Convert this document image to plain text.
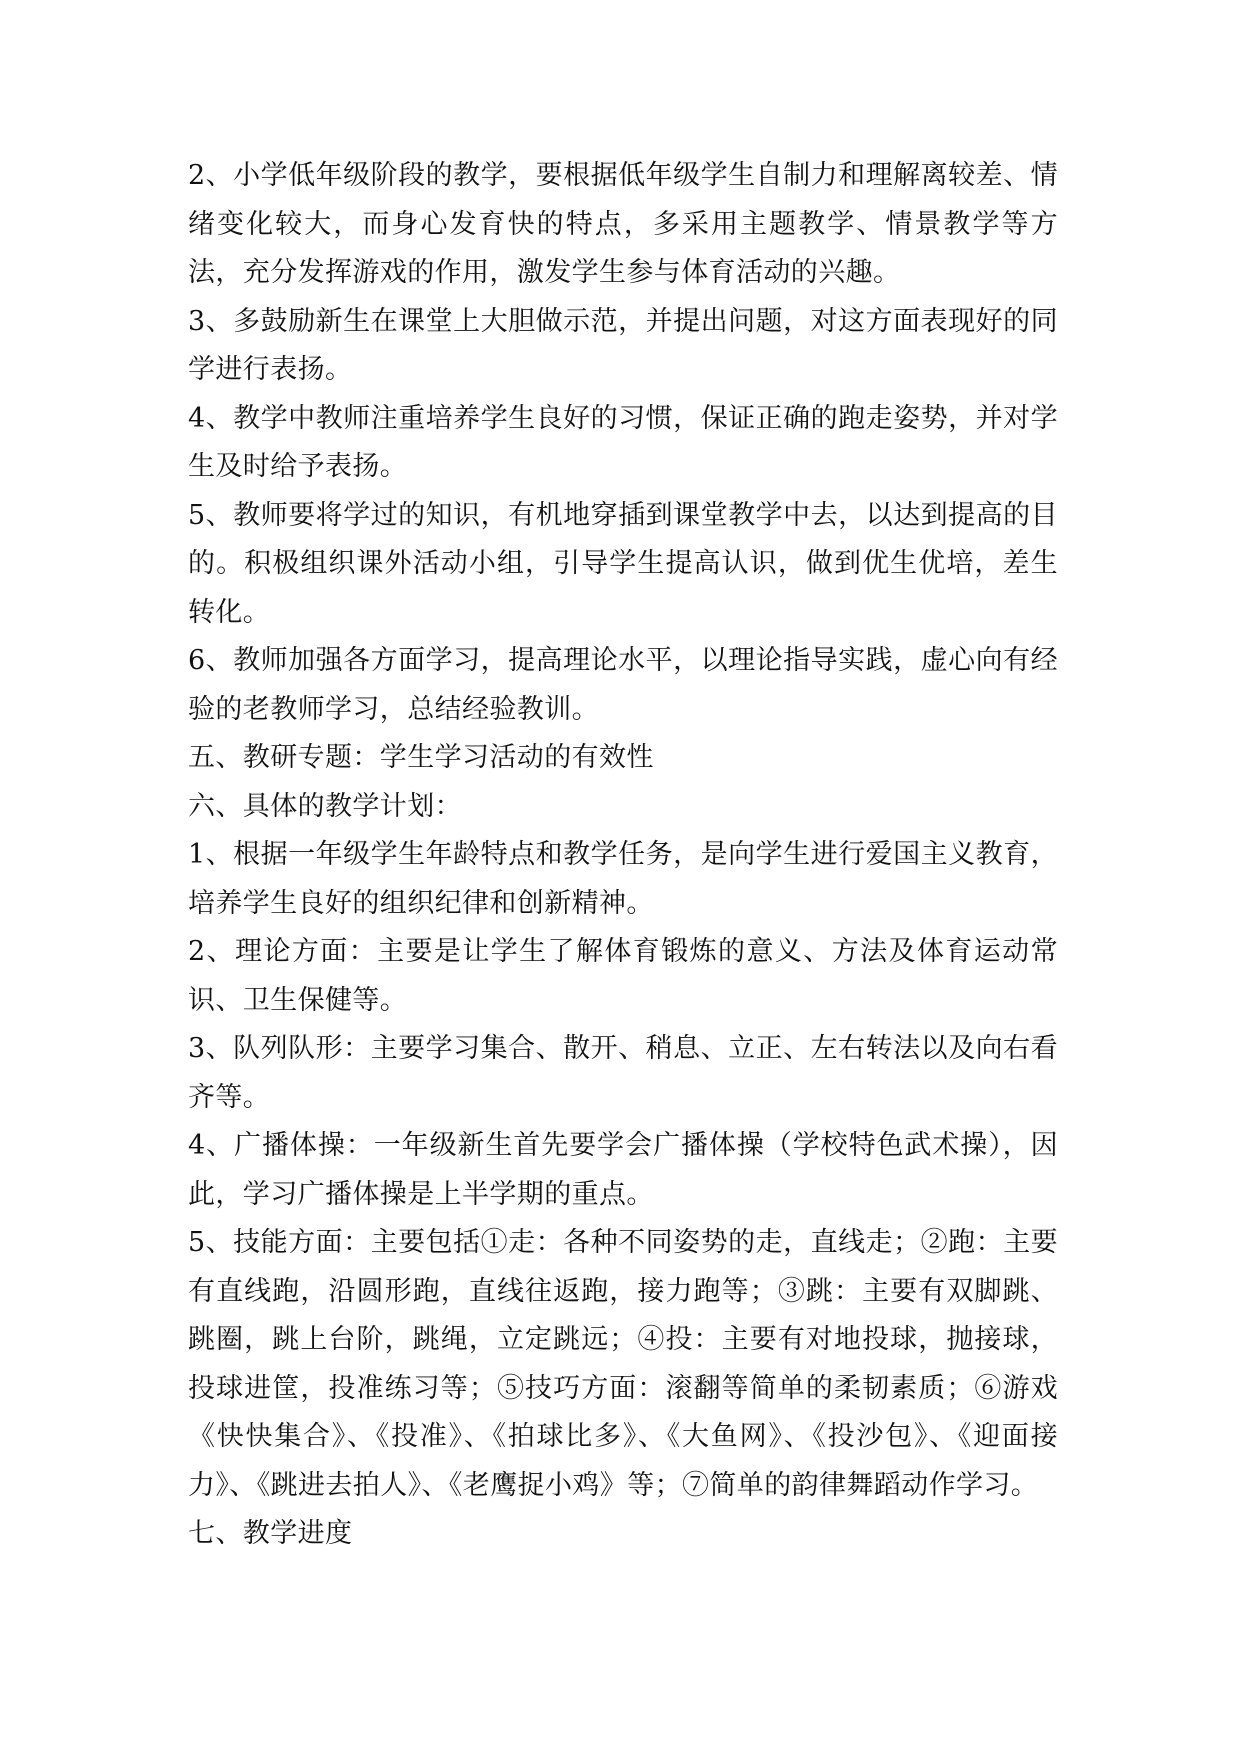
2、小学低年级阶段的教学，要根据低年级学生自制力和理解离较差、情绪变化较大，而身心发育快的特点，多采用主题教学、情景教学等方法，充分发挥游戏的作用，激发学生参与体育活动的兴趣。

3、多鼓励新生在课堂上大胆做示范，并提出问题，对这方面表现好的同学进行表扬。

4、教学中教师注重培养学生良好的习惯，保证正确的跑走姿势，并对学生及时给予表扬。

5、教师要将学过的知识，有机地穿插到课堂教学中去，以达到提高的目的。积极组织课外活动小组，引导学生提高认识，做到优生优培，差生转化。

6、教师加强各方面学习，提高理论水平，以理论指导实践，虚心向有经验的老教师学习，总结经验教训。

五、教研专题：学生学习活动的有效性

六、具体的教学计划：

1、根据一年级学生年龄特点和教学任务，是向学生进行爱国主义教育，培养学生良好的组织纪律和创新精神。

2、理论方面：主要是让学生了解体育锻炼的意义、方法及体育运动常识、卫生保健等。

3、队列队形：主要学习集合、散开、稍息、立正、左右转法以及向右看齐等。

4、广播体操：一年级新生首先要学会广播体操（学校特色武术操），因此，学习广播体操是上半学期的重点。

5、技能方面：主要包括①走：各种不同姿势的走，直线走；②跑：主要有直线跑，沿圆形跑，直线往返跑，接力跑等；③跳：主要有双脚跳、跳圈，跳上台阶，跳绳，立定跳远；④投：主要有对地投球，抛接球，投球进筐，投准练习等；⑤技巧方面：滚翻等简单的柔韧素质；⑥游戏《快快集合》、《投准》、《拍球比多》、《大鱼网》、《投沙包》、《迎面接力》、《跳进去拍人》、《老鹰捉小鸡》等；⑦简单的韵律舞蹈动作学习。

七、教学进度
